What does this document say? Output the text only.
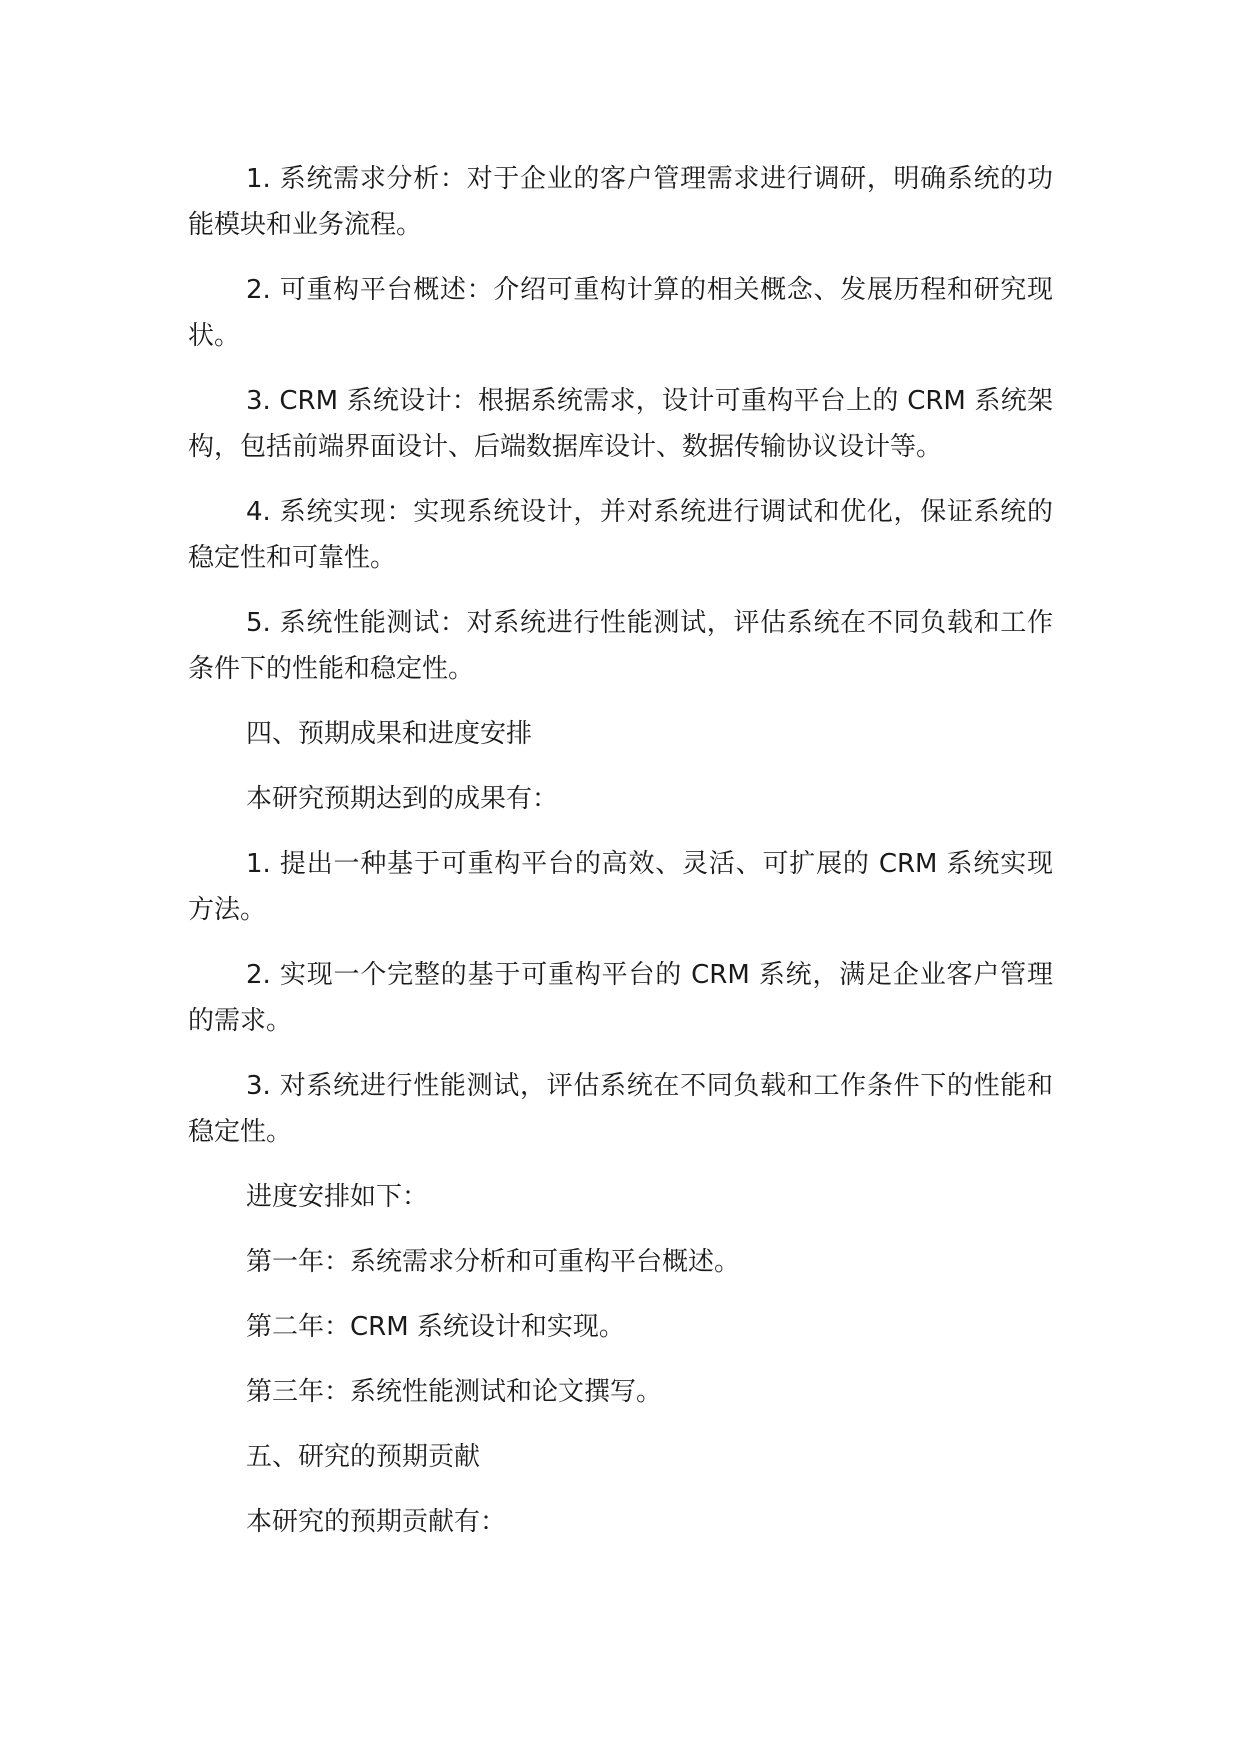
1. 系统需求分析：对于企业的客户管理需求进行调研，明确系统的功能模块和业务流程。

2. 可重构平台概述：介绍可重构计算的相关概念、发展历程和研究现状。

3. CRM 系统设计：根据系统需求，设计可重构平台上的 CRM 系统架构，包括前端界面设计、后端数据库设计、数据传输协议设计等。

4. 系统实现：实现系统设计，并对系统进行调试和优化，保证系统的稳定性和可靠性。

5. 系统性能测试：对系统进行性能测试，评估系统在不同负载和工作条件下的性能和稳定性。

四、预期成果和进度安排

本研究预期达到的成果有：

1. 提出一种基于可重构平台的高效、灵活、可扩展的 CRM 系统实现方法。

2. 实现一个完整的基于可重构平台的 CRM 系统，满足企业客户管理的需求。

3. 对系统进行性能测试，评估系统在不同负载和工作条件下的性能和稳定性。

进度安排如下：

第一年：系统需求分析和可重构平台概述。

第二年：CRM 系统设计和实现。

第三年：系统性能测试和论文撰写。

五、研究的预期贡献

本研究的预期贡献有：
